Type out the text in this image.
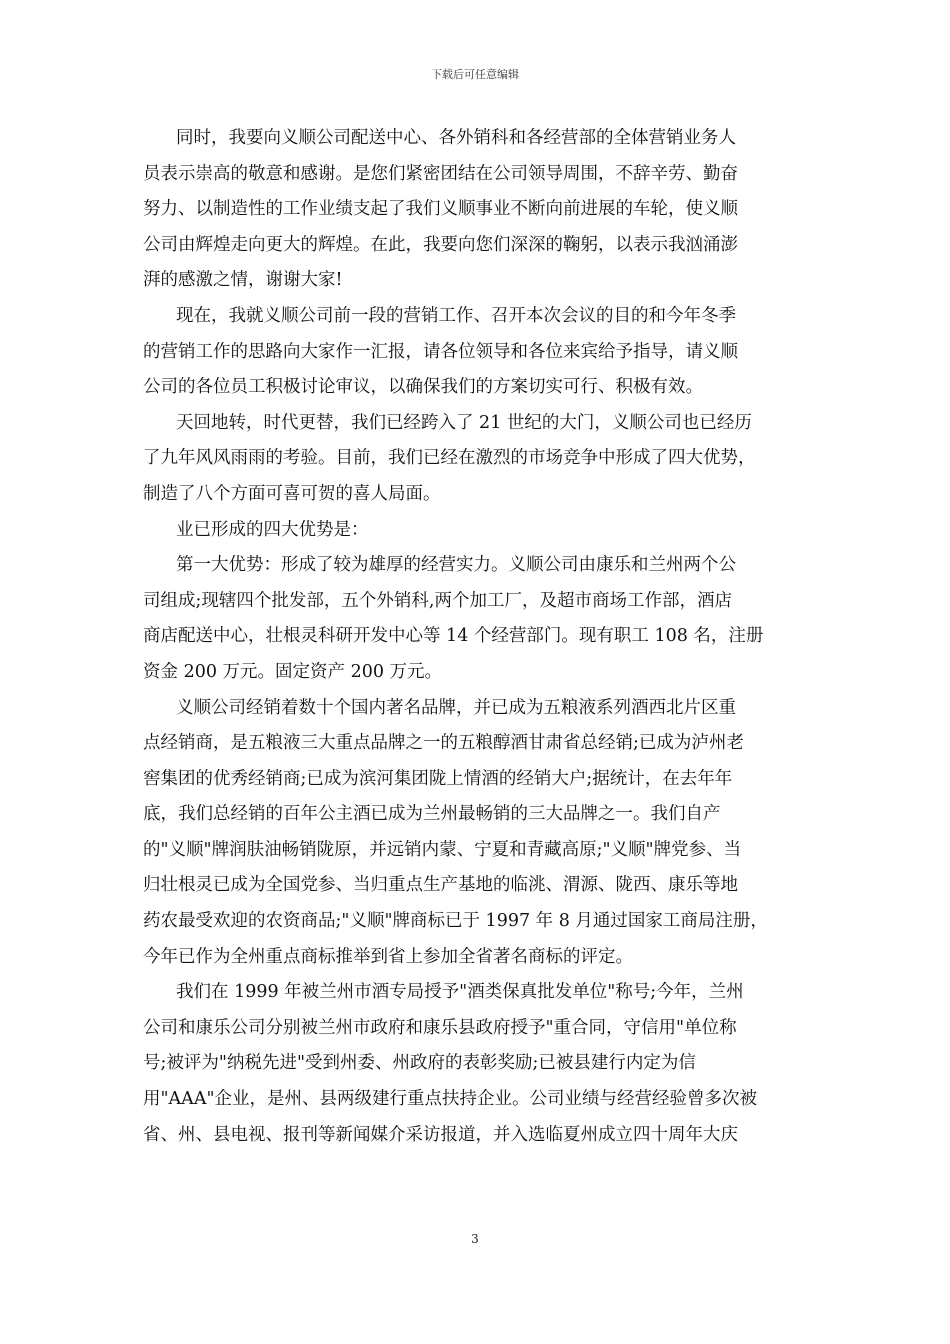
下载后可任意编辑
同时，我要向义顺公司配送中心、各外销科和各经营部的全体营销业务人
员表示崇高的敬意和感谢。是您们紧密团结在公司领导周围，不辞辛劳、勤奋
努力、以制造性的工作业绩支起了我们义顺事业不断向前进展的车轮，使义顺
公司由辉煌走向更大的辉煌。在此，我要向您们深深的鞠躬，以表示我汹涌澎
湃的感激之情，谢谢大家!
现在，我就义顺公司前一段的营销工作、召开本次会议的目的和今年冬季
的营销工作的思路向大家作一汇报，请各位领导和各位来宾给予指导，请义顺
公司的各位员工积极讨论审议，以确保我们的方案切实可行、积极有效。
天回地转，时代更替，我们已经跨入了 21 世纪的大门，义顺公司也已经历
了九年风风雨雨的考验。目前，我们已经在激烈的市场竞争中形成了四大优势，
制造了八个方面可喜可贺的喜人局面。
业已形成的四大优势是：
第一大优势：形成了较为雄厚的经营实力。义顺公司由康乐和兰州两个公
司组成;现辖四个批发部，五个外销科,两个加工厂，及超市商场工作部，酒店
商店配送中心，壮根灵科研开发中心等 14 个经营部门。现有职工 108 名，注册
资金 200 万元。固定资产 200 万元。
义顺公司经销着数十个国内著名品牌，并已成为五粮液系列酒西北片区重
点经销商，是五粮液三大重点品牌之一的五粮醇酒甘肃省总经销;已成为泸州老
窖集团的优秀经销商;已成为滨河集团陇上情酒的经销大户;据统计，在去年年
底，我们总经销的百年公主酒已成为兰州最畅销的三大品牌之一。我们自产
的"义顺"牌润肤油畅销陇原，并远销内蒙、宁夏和青藏高原;"义顺"牌党参、当
归壮根灵已成为全国党参、当归重点生产基地的临洮、渭源、陇西、康乐等地
药农最受欢迎的农资商品;"义顺"牌商标已于 1997 年 8 月通过国家工商局注册，
今年已作为全州重点商标推举到省上参加全省著名商标的评定。
我们在 1999 年被兰州市酒专局授予"酒类保真批发单位"称号;今年，兰州
公司和康乐公司分别被兰州市政府和康乐县政府授予"重合同，守信用"单位称
号;被评为"纳税先进"受到州委、州政府的表彰奖励;已被县建行内定为信
用"AAA"企业，是州、县两级建行重点扶持企业。公司业绩与经营经验曾多次被
省、州、县电视、报刊等新闻媒介采访报道，并入选临夏州成立四十周年大庆
3
